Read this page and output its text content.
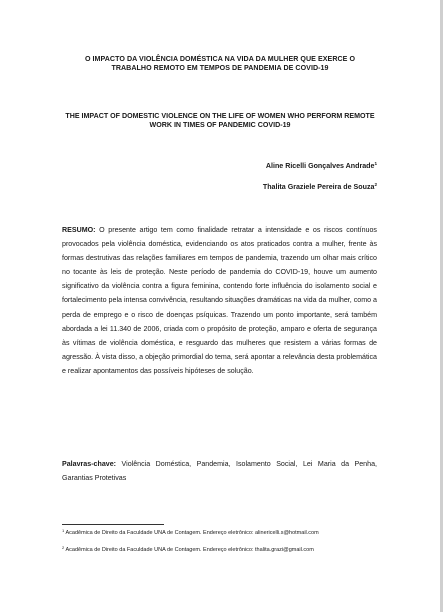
O IMPACTO DA VIOLÊNCIA DOMÉSTICA NA VIDA DA MULHER QUE EXERCE O TRABALHO REMOTO EM TEMPOS DE PANDEMIA DE COVID-19
THE IMPACT OF DOMESTIC VIOLENCE ON THE LIFE OF WOMEN WHO PERFORM REMOTE WORK IN TIMES OF PANDEMIC COVID-19
Aline Ricelli Gonçalves Andrade$^1$
Thalita Graziele Pereira de Souza$^2$

RESUMO: O presente artigo tem como finalidade retratar a intensidade e os riscos contínuos provocados pela violência doméstica, evidenciando os atos praticados contra a mulher, frente às formas destrutivas das relações familiares em tempos de pandemia, trazendo um olhar mais crítico no tocante às leis de proteção. Neste período de pandemia do COVID-19, houve um aumento significativo da violência contra a figura feminina, contendo forte influência do isolamento social e fortalecimento pela intensa convivência, resultando situações dramáticas na vida da mulher, como a perda de emprego e o risco de doenças psíquicas. Trazendo um ponto importante, será também abordada a lei 11.340 de 2006, criada com o propósito de proteção, amparo e oferta de segurança às vítimas de violência doméstica, e resguardo das mulheres que resistem a várias formas de agressão. À vista disso, a objeção primordial do tema, será apontar a relevância desta problemática e realizar apontamentos das possíveis hipóteses de solução.

Palavras-chave: Violência Doméstica, Pandemia, Isolamento Social, Lei Maria da Penha, Garantias Protetivas

$^1$ Acadêmica de Direito da Faculdade UNA de Contagem. Endereço eletrônico: alinericelli.s@hotmail.com

$^2$ Acadêmica de Direito da Faculdade UNA de Contagem. Endereço eletrônico: thalita.grazi@gmail.com
